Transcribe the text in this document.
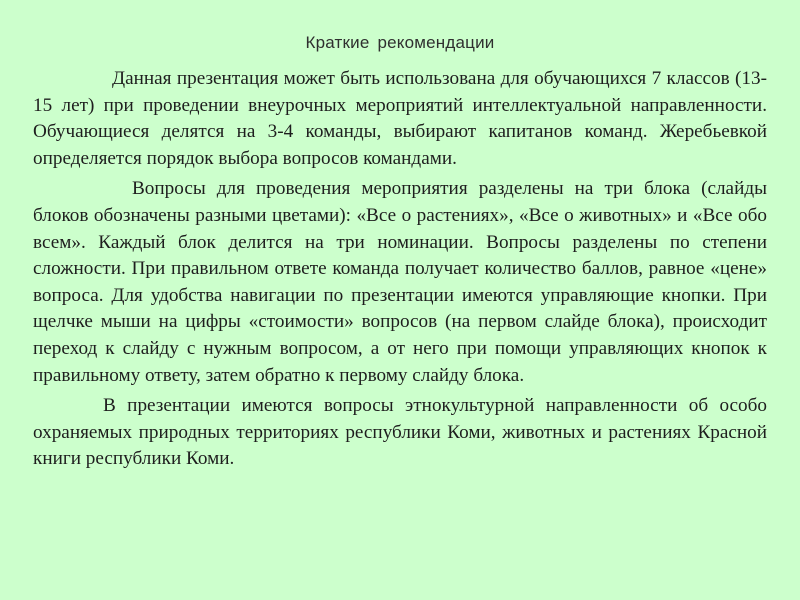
Краткие рекомендации

Данная презентация может быть использована для обучающихся 7 классов (13-15 лет) при проведении внеурочных мероприятий интеллектуальной направленности. Обучающиеся делятся на 3-4 команды, выбирают капитанов команд. Жеребьевкой определяется порядок выбора вопросов командами.

Вопросы для проведения мероприятия разделены на три блока (слайды блоков обозначены разными цветами): «Все о растениях», «Все о животных» и «Все обо всем». Каждый блок делится на три номинации. Вопросы разделены по степени сложности. При правильном ответе команда получает количество баллов, равное «цене» вопроса. Для удобства навигации по презентации имеются управляющие кнопки. При щелчке мыши на цифры «стоимости» вопросов (на первом слайде блока), происходит переход к слайду с нужным вопросом, а от него при помощи управляющих кнопок к правильному ответу, затем обратно к первому слайду блока.

В презентации имеются вопросы этнокультурной направленности об особо охраняемых природных территориях республики Коми, животных и растениях Красной книги республики Коми.
